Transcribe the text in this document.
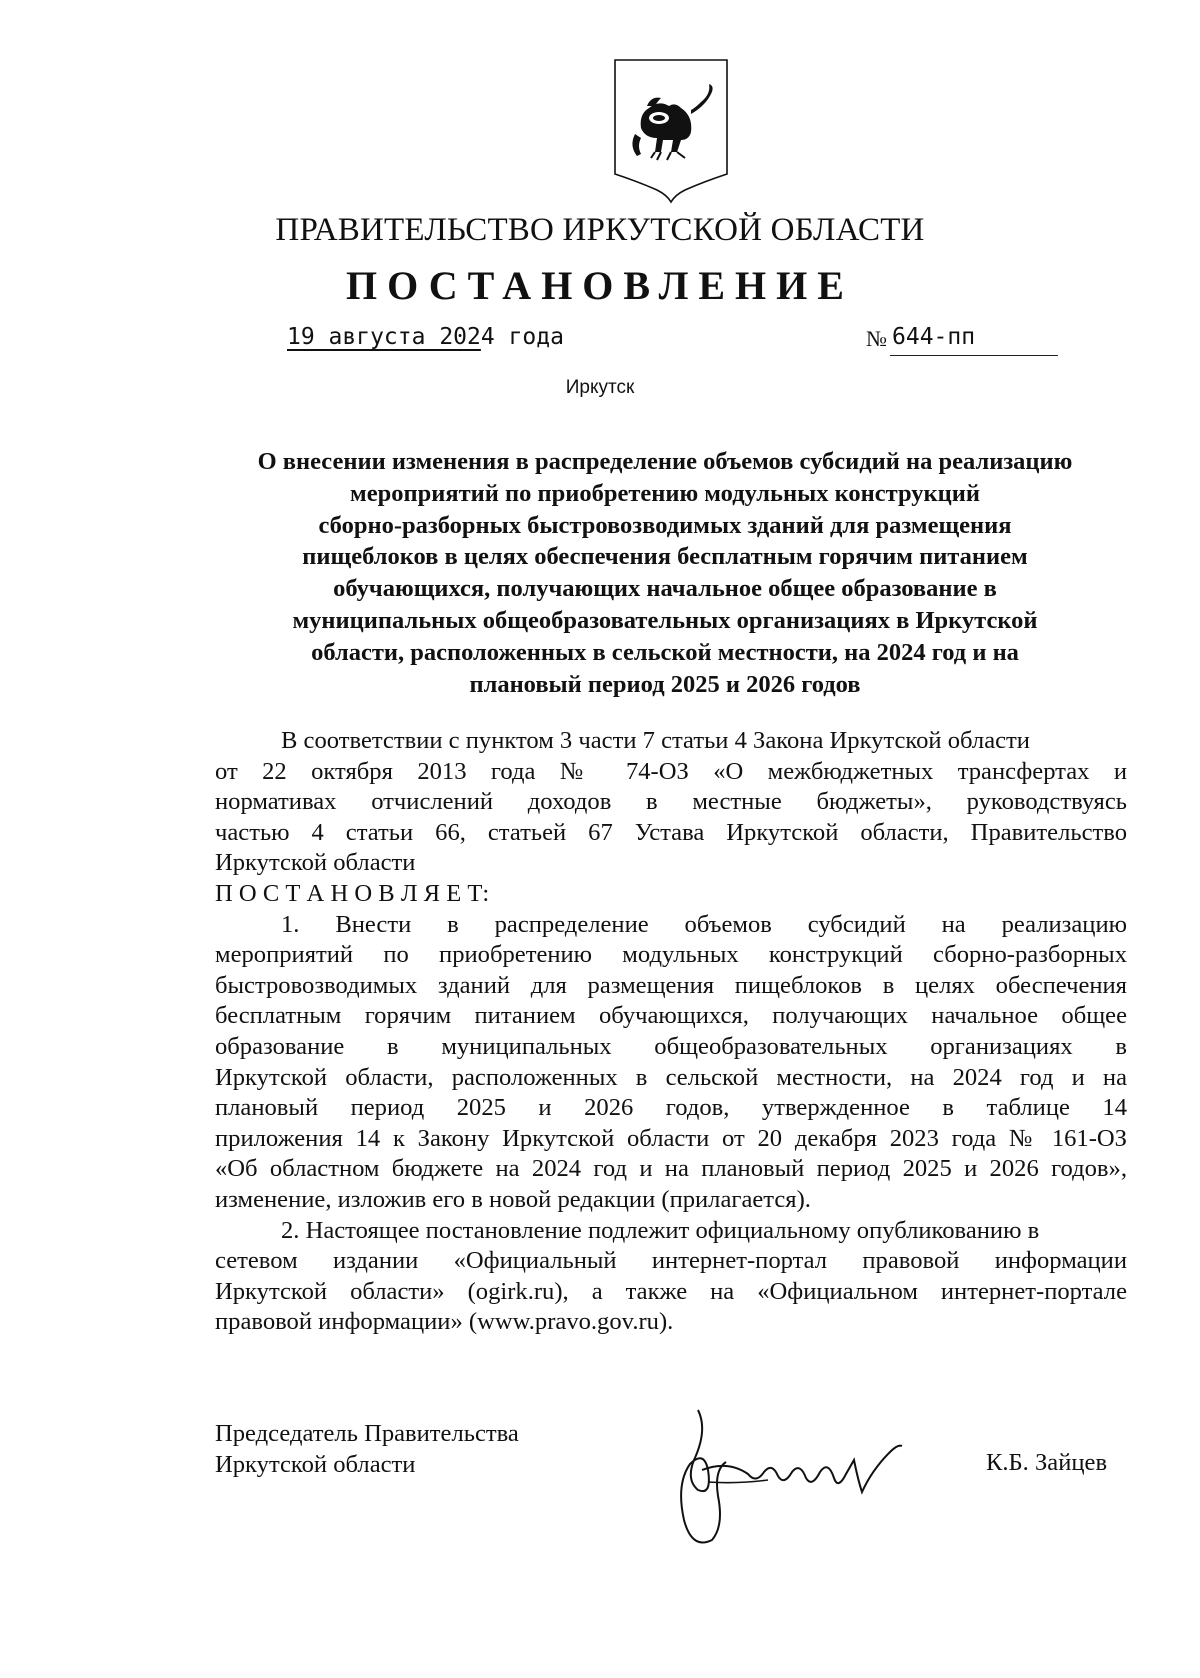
ПРАВИТЕЛЬСТВО ИРКУТСКОЙ ОБЛАСТИ
ПОСТАНОВЛЕНИЕ
19 августа 2024 года	№ 644-пп
Иркутск
О внесении изменения в распределение объемов субсидий на реализацию
мероприятий по приобретению модульных конструкций
сборно-разборных быстровозводимых зданий для размещения
пищеблоков в целях обеспечения бесплатным горячим питанием
обучающихся, получающих начальное общее образование в
муниципальных общеобразовательных организациях в Иркутской
области, расположенных в сельской местности, на 2024 год и на
плановый период 2025 и 2026 годов
В соответствии с пунктом 3 части 7 статьи 4 Закона Иркутской области
от 22 октября 2013 года № 74-ОЗ «О межбюджетных трансфертах и
нормативах отчислений доходов в местные бюджеты», руководствуясь
частью 4 статьи 66, статьей 67 Устава Иркутской области, Правительство
Иркутской области
П О С Т А Н О В Л Я Е Т:
1. Внести в распределение объемов субсидий на реализацию
мероприятий по приобретению модульных конструкций сборно-разборных
быстровозводимых зданий для размещения пищеблоков в целях обеспечения
бесплатным горячим питанием обучающихся, получающих начальное общее
образование в муниципальных общеобразовательных организациях в
Иркутской области, расположенных в сельской местности, на 2024 год и на
плановый период 2025 и 2026 годов, утвержденное в таблице 14
приложения 14 к Закону Иркутской области от 20 декабря 2023 года № 161-ОЗ
«Об областном бюджете на 2024 год и на плановый период 2025 и 2026 годов»,
изменение, изложив его в новой редакции (прилагается).
2. Настоящее постановление подлежит официальному опубликованию в
сетевом издании «Официальный интернет-портал правовой информации
Иркутской области» (ogirk.ru), а также на «Официальном интернет-портале
правовой информации» (www.pravo.gov.ru).
Председатель Правительства
Иркутской области	К.Б. Зайцев
